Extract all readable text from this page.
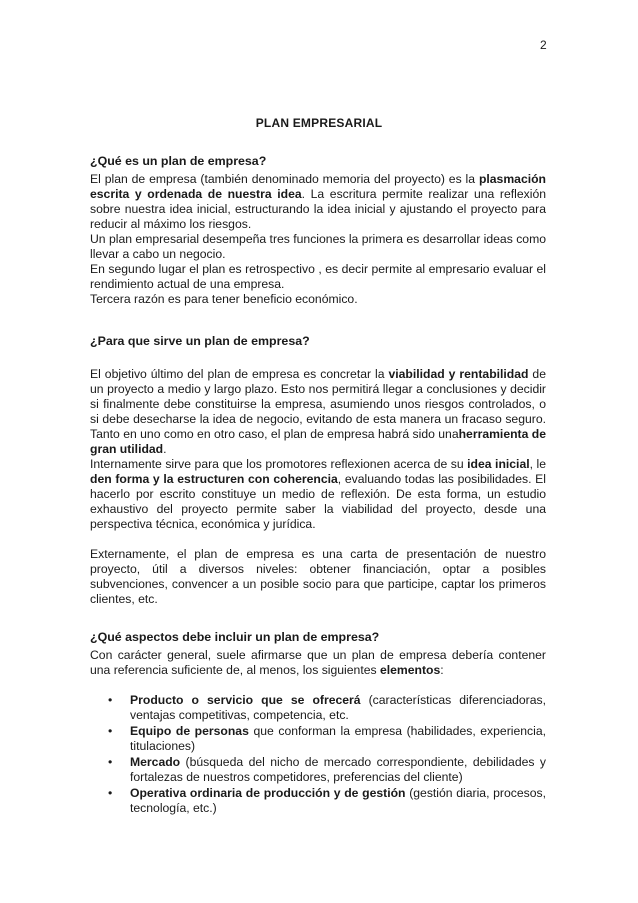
2
PLAN EMPRESARIAL

¿Qué es un plan de empresa?

El plan de empresa (también denominado memoria del proyecto) es la plasmación escrita y ordenada de nuestra idea. La escritura permite realizar una reflexión sobre nuestra idea inicial, estructurando la idea inicial y ajustando el proyecto para reducir al máximo los riesgos.

Un plan empresarial desempeña tres funciones la primera es desarrollar ideas como llevar a cabo un negocio.

En segundo lugar el plan es retrospectivo , es decir permite al empresario evaluar el rendimiento actual de una empresa.

Tercera razón es para tener beneficio económico.

¿Para que sirve un plan de empresa?

El objetivo último del plan de empresa es concretar la viabilidad y rentabilidad de un proyecto a medio y largo plazo. Esto nos permitirá llegar a conclusiones y decidir si finalmente debe constituirse la empresa, asumiendo unos riesgos controlados, o si debe desecharse la idea de negocio, evitando de esta manera un fracaso seguro. Tanto en uno como en otro caso, el plan de empresa habrá sido unaherramienta de gran utilidad.

Internamente sirve para que los promotores reflexionen acerca de su idea inicial, le den forma y la estructuren con coherencia, evaluando todas las posibilidades. El hacerlo por escrito constituye un medio de reflexión. De esta forma, un estudio exhaustivo del proyecto permite saber la viabilidad del proyecto, desde una perspectiva técnica, económica y jurídica.

Externamente, el plan de empresa es una carta de presentación de nuestro proyecto, útil a diversos niveles: obtener financiación, optar a posibles subvenciones, convencer a un posible socio para que participe, captar los primeros clientes, etc.

¿Qué aspectos debe incluir un plan de empresa?

Con carácter general, suele afirmarse que un plan de empresa debería contener una referencia suficiente de, al menos, los siguientes elementos:

• Producto o servicio que se ofrecerá (características diferenciadoras, ventajas competitivas, competencia, etc.
• Equipo de personas que conforman la empresa (habilidades, experiencia, titulaciones)
• Mercado (búsqueda del nicho de mercado correspondiente, debilidades y fortalezas de nuestros competidores, preferencias del cliente)
• Operativa ordinaria de producción y de gestión (gestión diaria, procesos, tecnología, etc.)
